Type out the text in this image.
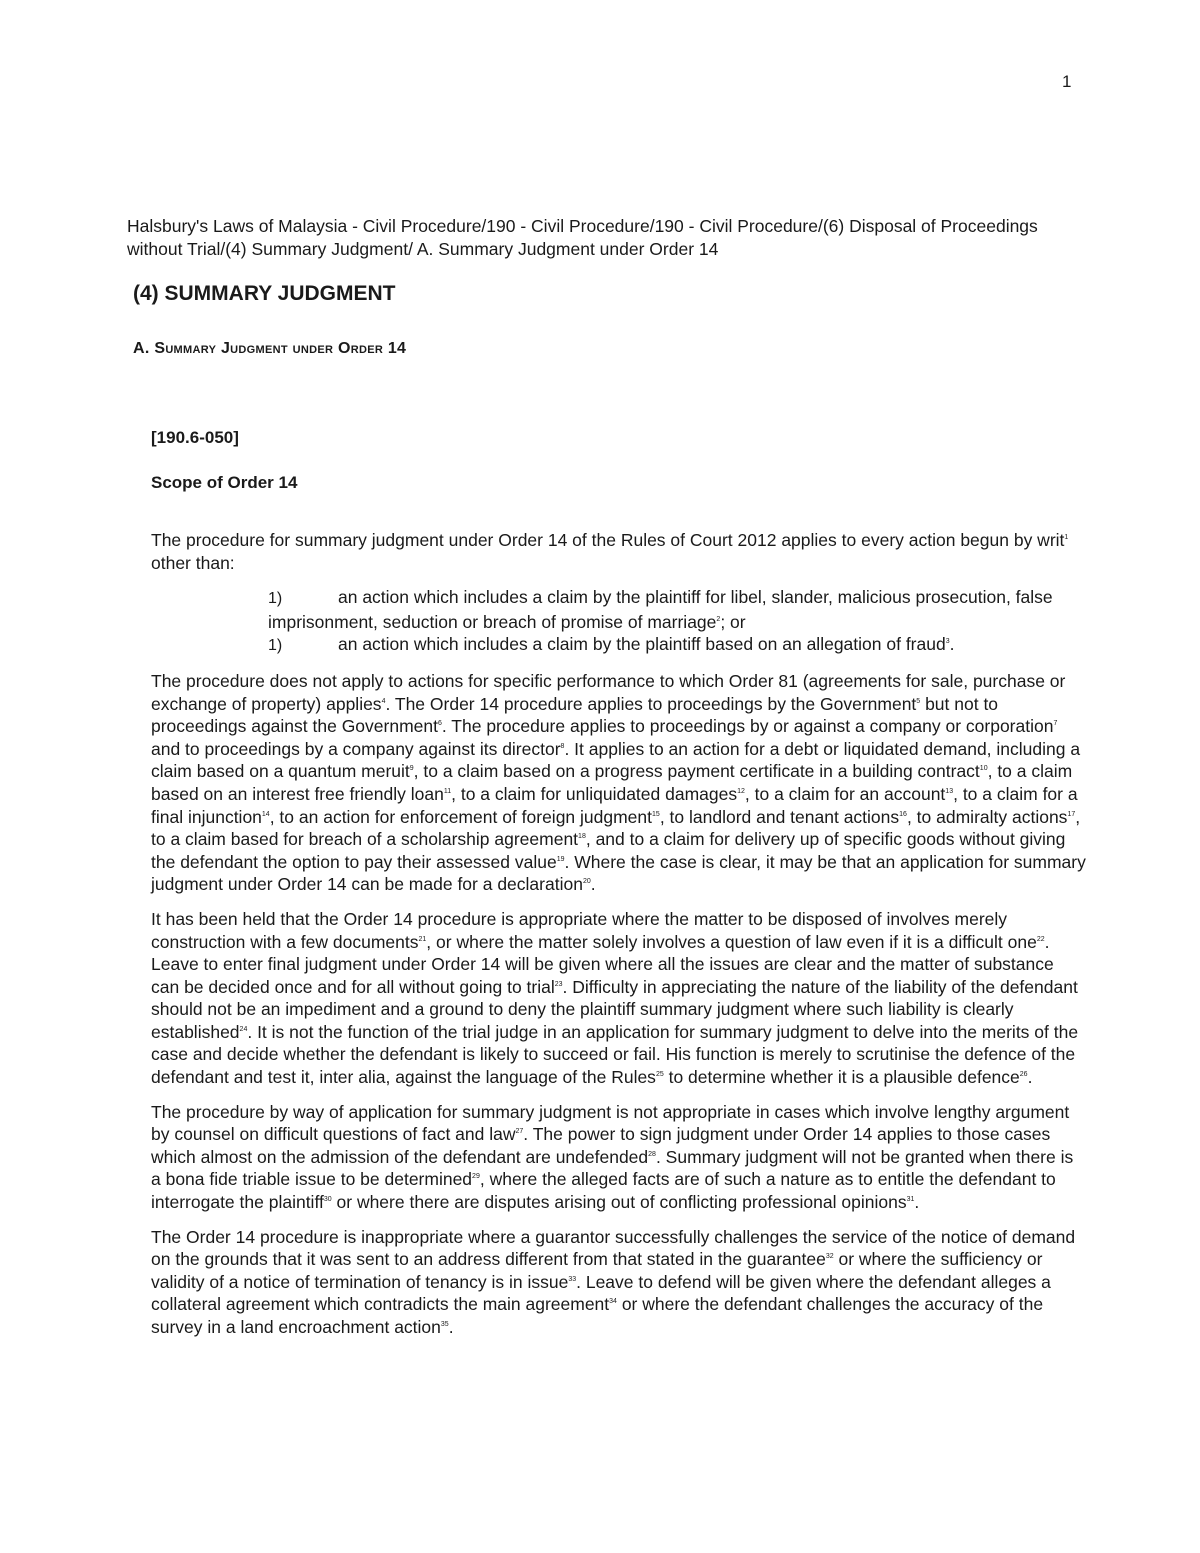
1
Halsbury's Laws of Malaysia - Civil Procedure/190 - Civil Procedure/190 - Civil Procedure/(6) Disposal of Proceedings without Trial/(4) Summary Judgment/ A. Summary Judgment under Order 14
(4) SUMMARY JUDGMENT
A. Summary Judgment under Order 14
[190.6-050]
Scope of Order 14

The procedure for summary judgment under Order 14 of the Rules of Court 2012 applies to every action begun by writ$^1$ other than:

1)	an action which includes a claim by the plaintiff for libel, slander, malicious prosecution, false imprisonment, seduction or breach of promise of marriage$^2$; or
1)	an action which includes a claim by the plaintiff based on an allegation of fraud$^3$.

The procedure does not apply to actions for specific performance to which Order 81 (agreements for sale, purchase or exchange of property) applies$^4$. The Order 14 procedure applies to proceedings by the Government$^5$ but not to proceedings against the Government$^6$. The procedure applies to proceedings by or against a company or corporation$^7$ and to proceedings by a company against its director$^8$. It applies to an action for a debt or liquidated demand, including a claim based on a quantum meruit$^9$, to a claim based on a progress payment certificate in a building contract$^{10}$, to a claim based on an interest free friendly loan$^{11}$, to a claim for unliquidated damages$^{12}$, to a claim for an account$^{13}$, to a claim for a final injunction$^{14}$, to an action for enforcement of foreign judgment$^{15}$, to landlord and tenant actions$^{16}$, to admiralty actions$^{17}$, to a claim based for breach of a scholarship agreement$^{18}$, and to a claim for delivery up of specific goods without giving the defendant the option to pay their assessed value$^{19}$. Where the case is clear, it may be that an application for summary judgment under Order 14 can be made for a declaration$^{20}$.

It has been held that the Order 14 procedure is appropriate where the matter to be disposed of involves merely construction with a few documents$^{21}$, or where the matter solely involves a question of law even if it is a difficult one$^{22}$. Leave to enter final judgment under Order 14 will be given where all the issues are clear and the matter of substance can be decided once and for all without going to trial$^{23}$. Difficulty in appreciating the nature of the liability of the defendant should not be an impediment and a ground to deny the plaintiff summary judgment where such liability is clearly established$^{24}$. It is not the function of the trial judge in an application for summary judgment to delve into the merits of the case and decide whether the defendant is likely to succeed or fail. His function is merely to scrutinise the defence of the defendant and test it, inter alia, against the language of the Rules$^{25}$ to determine whether it is a plausible defence$^{26}$.

The procedure by way of application for summary judgment is not appropriate in cases which involve lengthy argument by counsel on difficult questions of fact and law$^{27}$. The power to sign judgment under Order 14 applies to those cases which almost on the admission of the defendant are undefended$^{28}$. Summary judgment will not be granted when there is a bona fide triable issue to be determined$^{29}$, where the alleged facts are of such a nature as to entitle the defendant to interrogate the plaintiff$^{30}$ or where there are disputes arising out of conflicting professional opinions$^{31}$.

The Order 14 procedure is inappropriate where a guarantor successfully challenges the service of the notice of demand on the grounds that it was sent to an address different from that stated in the guarantee$^{32}$ or where the sufficiency or validity of a notice of termination of tenancy is in issue$^{33}$. Leave to defend will be given where the defendant alleges a collateral agreement which contradicts the main agreement$^{34}$ or where the defendant challenges the accuracy of the survey in a land encroachment action$^{35}$.
